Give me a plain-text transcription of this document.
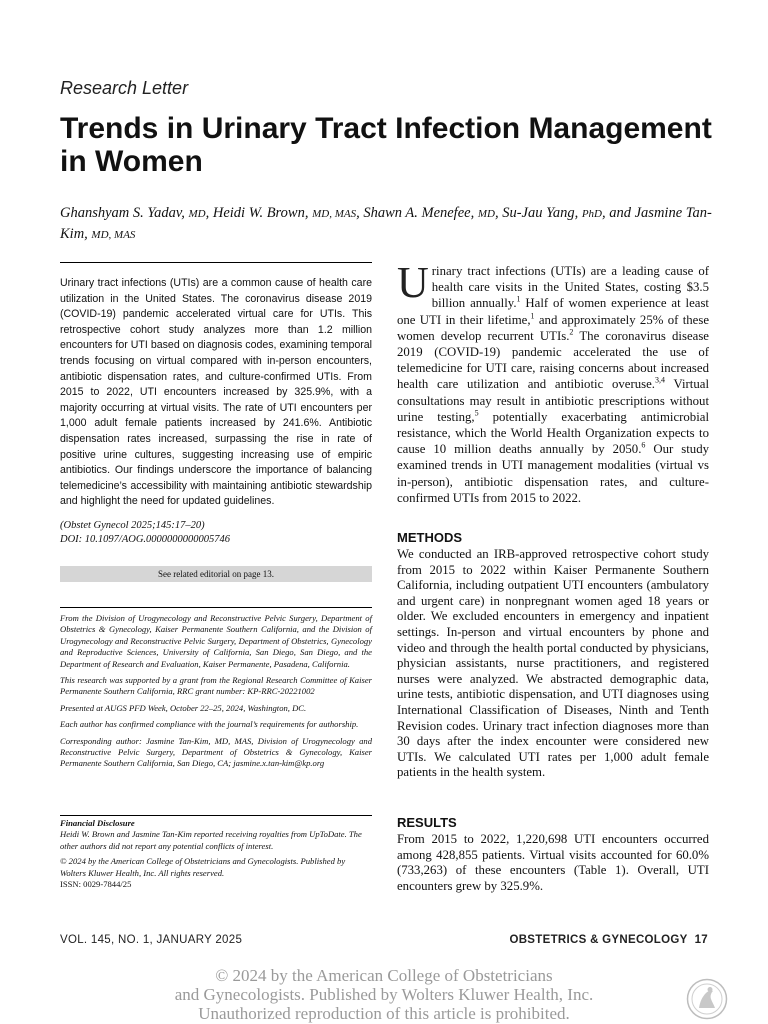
Research Letter
Trends in Urinary Tract Infection Management in Women
Ghanshyam S. Yadav, MD, Heidi W. Brown, MD, MAS, Shawn A. Menefee, MD, Su-Jau Yang, PhD, and Jasmine Tan-Kim, MD, MAS
Urinary tract infections (UTIs) are a common cause of health care utilization in the United States. The coronavirus disease 2019 (COVID-19) pandemic accelerated virtual care for UTIs. This retrospective cohort study analyzes more than 1.2 million encounters for UTI based on diagnosis codes, examining temporal trends focusing on virtual compared with in-person encounters, antibiotic dispensation rates, and culture-confirmed UTIs. From 2015 to 2022, UTI encounters increased by 325.9%, with a majority occurring at virtual visits. The rate of UTI encounters per 1,000 adult female patients increased by 241.6%. Antibiotic dispensation rates increased, surpassing the rise in rate of positive urine cultures, suggesting increasing use of empiric antibiotics. Our findings underscore the importance of balancing telemedicine’s accessibility with maintaining antibiotic stewardship and highlight the need for updated guidelines.
(Obstet Gynecol 2025;145:17–20)
DOI: 10.1097/AOG.0000000000005746
See related editorial on page 13.

From the Division of Urogynecology and Reconstructive Pelvic Surgery, Department of Obstetrics & Gynecology, Kaiser Permanente Southern California, and the Division of Urogynecology and Reconstructive Pelvic Surgery, Department of Obstetrics, Gynecology and Reproductive Sciences, University of California, San Diego, San Diego, and the Department of Research and Evaluation, Kaiser Permanente, Pasadena, California.

This research was supported by a grant from the Regional Research Committee of Kaiser Permanente Southern California, RRC grant number: KP-RRC-20221002

Presented at AUGS PFD Week, October 22–25, 2024, Washington, DC.

Each author has confirmed compliance with the journal’s requirements for authorship.

Corresponding author: Jasmine Tan-Kim, MD, MAS, Division of Urogynecology and Reconstructive Pelvic Surgery, Department of Obstetrics & Gynecology, Kaiser Permanente Southern California, San Diego, CA; jasmine.x.tan-kim@kp.org

Financial Disclosure

Heidi W. Brown and Jasmine Tan-Kim reported receiving royalties from UpToDate. The other authors did not report any potential conflicts of interest.

© 2024 by the American College of Obstetricians and Gynecologists. Published by Wolters Kluwer Health, Inc. All rights reserved.

ISSN: 0029-7844/25

Urinary tract infections (UTIs) are a leading cause of health care visits in the United States, costing $3.5 billion annually.$^1$ Half of women experience at least one UTI in their lifetime,$^1$ and approximately 25% of these women develop recurrent UTIs.$^2$ The coronavirus disease 2019 (COVID-19) pandemic accelerated the use of telemedicine for UTI care, raising concerns about increased health care utilization and antibiotic overuse.$^{3,4}$ Virtual consultations may result in antibiotic prescriptions without urine testing,$^5$ potentially exacerbating antimicrobial resistance, which the World Health Organization expects to cause 10 million deaths annually by 2050.$^6$ Our study examined trends in UTI management modalities (virtual vs in-person), antibiotic dispensation rates, and culture-confirmed UTIs from 2015 to 2022.
METHODS
We conducted an IRB-approved retrospective cohort study from 2015 to 2022 within Kaiser Permanente Southern California, including outpatient UTI encounters (ambulatory and urgent care) in nonpregnant women aged 18 years or older. We excluded encounters in emergency and inpatient settings. In-person and virtual encounters by phone and video and through the health portal conducted by physicians, physician assistants, nurse practitioners, and registered nurses were analyzed. We abstracted demographic data, urine tests, antibiotic dispensation, and UTI diagnoses using International Classification of Diseases, Ninth and Tenth Revision codes. Urinary tract infection diagnoses more than 30 days after the index encounter were considered new UTIs. We calculated UTI rates per 1,000 adult female patients in the health system.
RESULTS
From 2015 to 2022, 1,220,698 UTI encounters occurred among 428,855 patients. Virtual visits accounted for 60.0% (733,263) of these encounters (Table 1). Overall, UTI encounters grew by 325.9%.
VOL. 145, NO. 1, JANUARY 2025	OBSTETRICS & GYNECOLOGY 17
© 2024 by the American College of Obstetricians
and Gynecologists. Published by Wolters Kluwer Health, Inc.
Unauthorized reproduction of this article is prohibited.
